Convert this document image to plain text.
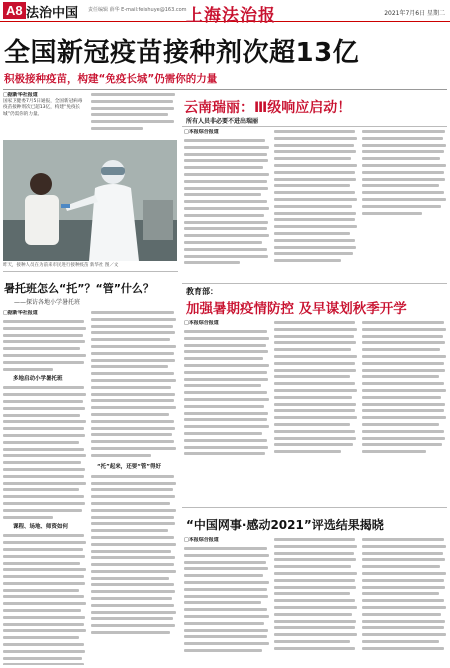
A8 法治中国 责任编辑 薛华 E-mail:feishuye@163.com 上海法治报	2021年7月6日 星期二
全国新冠疫苗接种剂次超13亿
积极接种疫苗，构建“免疫长城”仍需你的力量
□据新华社报道
国家卫健委7月5日通报，全国新冠病毒疫苗接种剂次已超13亿，构建“免疫长城”仍需你的力量。
昨天，接种人员在为前来市民进行接种疫苗 新华社 图／文
云南瑞丽：Ⅲ级响应启动！
所有人员非必要不进出瑞丽
□本报综合报道
暑托班怎么“托”？“管”什么？
——探访各地小学暑托班
□据新华社报道
多地启动小学暑托班
课程、场地、师资如何
“托”起来，还要“管”得好
教育部：
加强暑期疫情防控 及早谋划秋季开学
□本报综合报道
“中国网事·感动2021”评选结果揭晓
□本报综合报道
